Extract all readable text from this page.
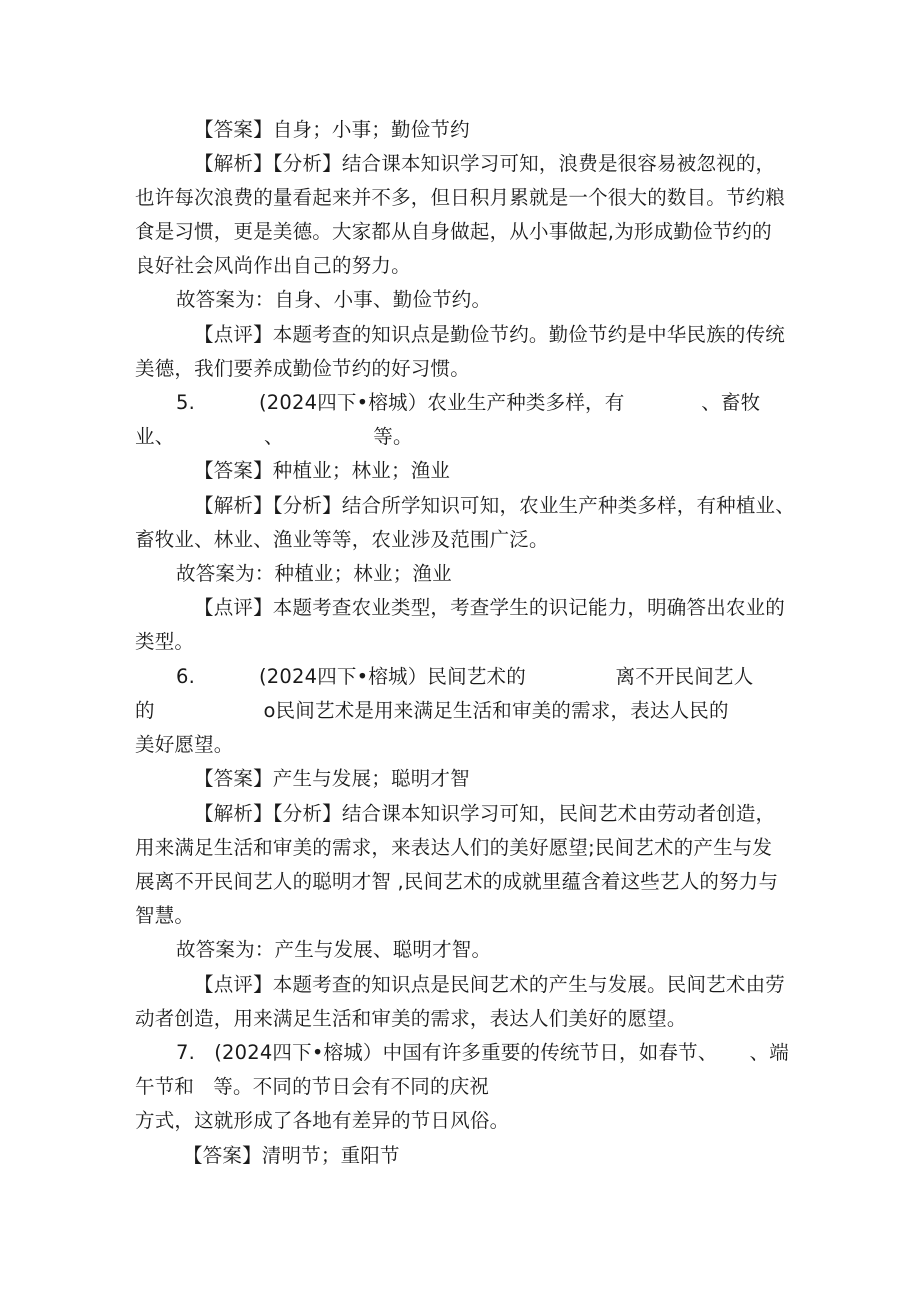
【答案】自身；小事；勤俭节约
【解析】【分析】结合课本知识学习可知，浪费是很容易被忽视的，
也许每次浪费的量看起来并不多，但日积月累就是一个很大的数目。节约粮
食是习惯，更是美德。大家都从自身做起，从小事做起,为形成勤俭节约的
良好社会风尚作出自己的努力。
故答案为：自身、小事、勤俭节约。
【点评】本题考查的知识点是勤俭节约。勤俭节约是中华民族的传统
美德，我们要养成勤俭节约的好习惯。
5.          (2024四下•榕城）农业生产种类多样，有            、畜牧
业、              、              等。
【答案】种植业；林业；渔业
【解析】【分析】结合所学知识可知，农业生产种类多样，有种植业、
畜牧业、林业、渔业等等，农业涉及范围广泛。
故答案为：种植业；林业；渔业
【点评】本题考查农业类型，考查学生的识记能力，明确答出农业的
类型。
6.          (2024四下•榕城）民间艺术的              离不开民间艺人
的                 o民间艺术是用来满足生活和审美的需求，表达人民的
美好愿望。
【答案】产生与发展；聪明才智
【解析】【分析】结合课本知识学习可知，民间艺术由劳动者创造，
用来满足生活和审美的需求，来表达人们的美好愿望;民间艺术的产生与发
展离不开民间艺人的聪明才智 ,民间艺术的成就里蕴含着这些艺人的努力与
智慧。
故答案为：产生与发展、聪明才智。
【点评】本题考查的知识点是民间艺术的产生与发展。民间艺术由劳
动者创造，用来满足生活和审美的需求，表达人们美好的愿望。
7.   (2024四下•榕城）中国有许多重要的传统节日，如春节、     、端
午节和   等。不同的节日会有不同的庆祝
方式，这就形成了各地有差异的节日风俗。
【答案】清明节；重阳节
